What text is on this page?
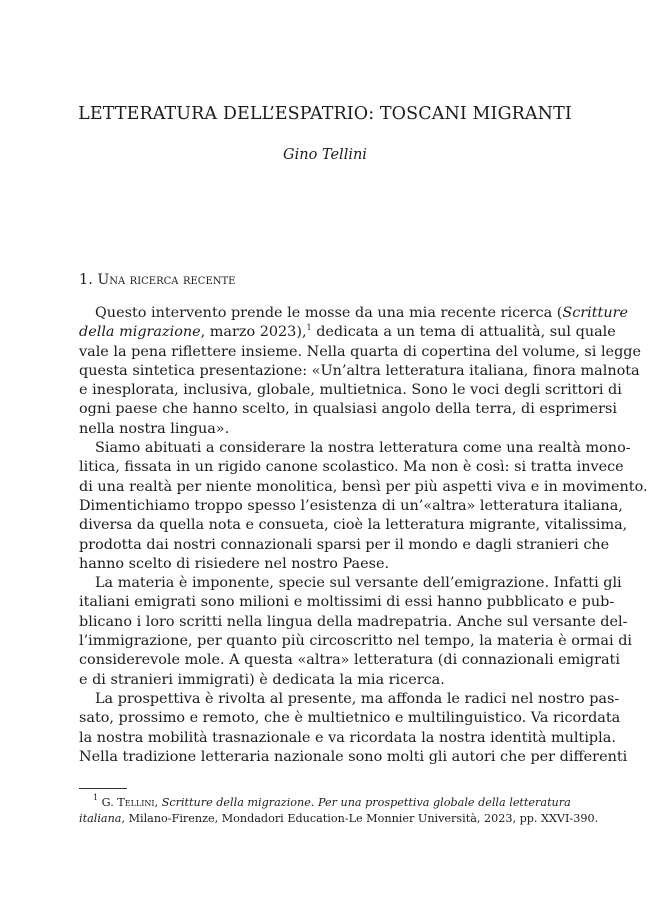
LETTERATURA DELL’ESPATRIO: TOSCANI MIGRANTI
Gino Tellini
1. Una ricerca recente
Questo intervento prende le mosse da una mia recente ricerca (Scritture
della migrazione, marzo 2023),$^1$ dedicata a un tema di attualità, sul quale
vale la pena riflettere insieme. Nella quarta di copertina del volume, si legge
questa sintetica presentazione: «Un’altra letteratura italiana, finora malnota
e inesplorata, inclusiva, globale, multietnica. Sono le voci degli scrittori di
ogni paese che hanno scelto, in qualsiasi angolo della terra, di esprimersi
nella nostra lingua».
Siamo abituati a considerare la nostra letteratura come una realtà mono-
litica, fissata in un rigido canone scolastico. Ma non è così: si tratta invece
di una realtà per niente monolitica, bensì per più aspetti viva e in movimento.
Dimentichiamo troppo spesso l’esistenza di un’«altra» letteratura italiana,
diversa da quella nota e consueta, cioè la letteratura migrante, vitalissima,
prodotta dai nostri connazionali sparsi per il mondo e dagli stranieri che
hanno scelto di risiedere nel nostro Paese.
La materia è imponente, specie sul versante dell’emigrazione. Infatti gli
italiani emigrati sono milioni e moltissimi di essi hanno pubblicato e pub-
blicano i loro scritti nella lingua della madrepatria. Anche sul versante del-
l’immigrazione, per quanto più circoscritto nel tempo, la materia è ormai di
considerevole mole. A questa «altra» letteratura (di connazionali emigrati
e di stranieri immigrati) è dedicata la mia ricerca.
La prospettiva è rivolta al presente, ma affonda le radici nel nostro pas-
sato, prossimo e remoto, che è multietnico e multilinguistico. Va ricordata
la nostra mobilità trasnazionale e va ricordata la nostra identità multipla.
Nella tradizione letteraria nazionale sono molti gli autori che per differenti
$^1$ G. Tellini, Scritture della migrazione. Per una prospettiva globale della letteratura
italiana, Milano-Firenze, Mondadori Education-Le Monnier Università, 2023, pp. XXVI-390.
